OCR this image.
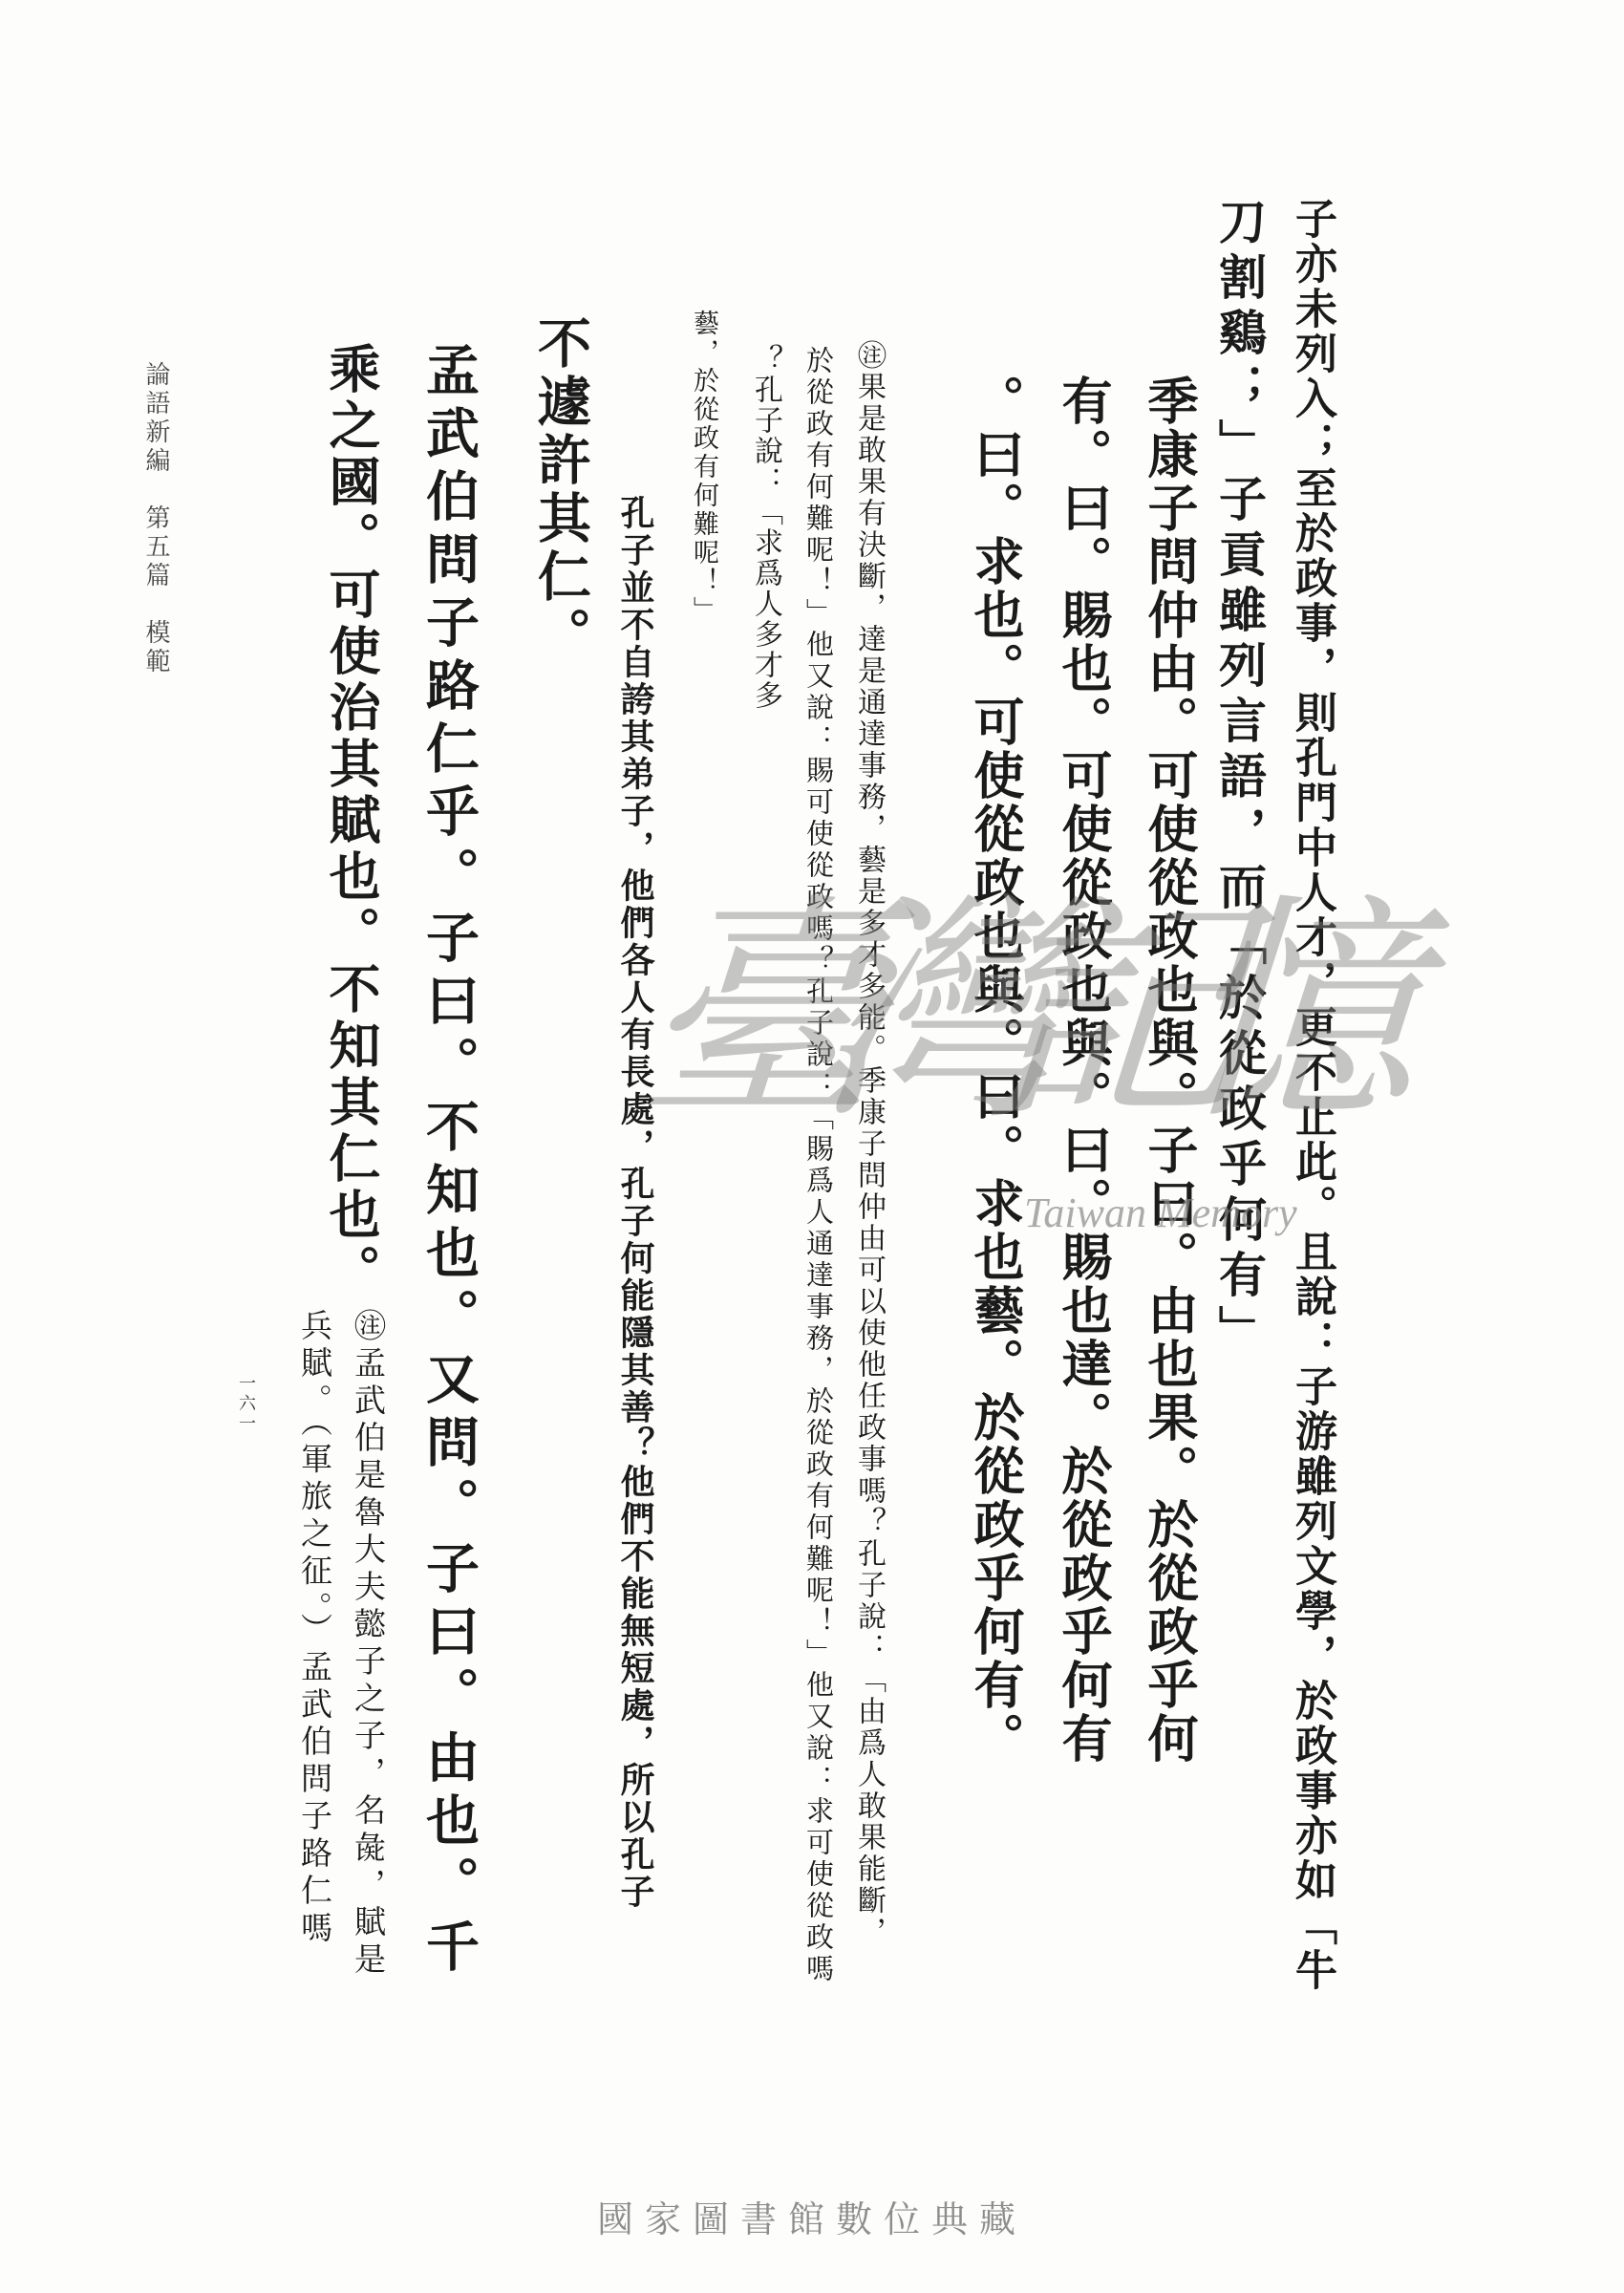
子亦未列入；至於政事，則孔門中人才，更不止此。且說：子游雖列文學，於政事亦如「牛
刀割鷄；」子貢雖列言語，而「於從政乎何有」
季康子問仲由。可使從政也與。子曰。由也果。於從政乎何
有。曰。賜也。可使從政也與。曰。賜也達。於從政乎何有
。曰。求也。可使從政也與。曰。求也藝。於從政乎何有。
㊟果是敢果有決斷，達是通達事務，藝是多才多能。季康子問仲由可以使他任政事嗎？孔子說：「由爲人敢果能斷，
於從政有何難呢！」他又說：賜可使從政嗎？孔子說：「賜爲人通達事務，於從政有何難呢！」他又說：求可使從政嗎
？孔子說：「求爲人多才多
藝，於從政有何難呢！」
孔子並不自誇其弟子，他們各人有長處，孔子何能隱其善？他們不能無短處，所以孔子
不遽許其仁。
孟武伯問子路仁乎。子曰。不知也。又問。子曰。由也。千
乘之國。可使治其賦也。不知其仁也。
㊟孟武伯是魯大夫懿子之子，名彘，賦是
兵賦。（軍旅之征。）孟武伯問子路仁嗎
論語新編　第五篇　模範
一六一
臺灣記憶
Taiwan Memory
國家圖書館數位典藏
